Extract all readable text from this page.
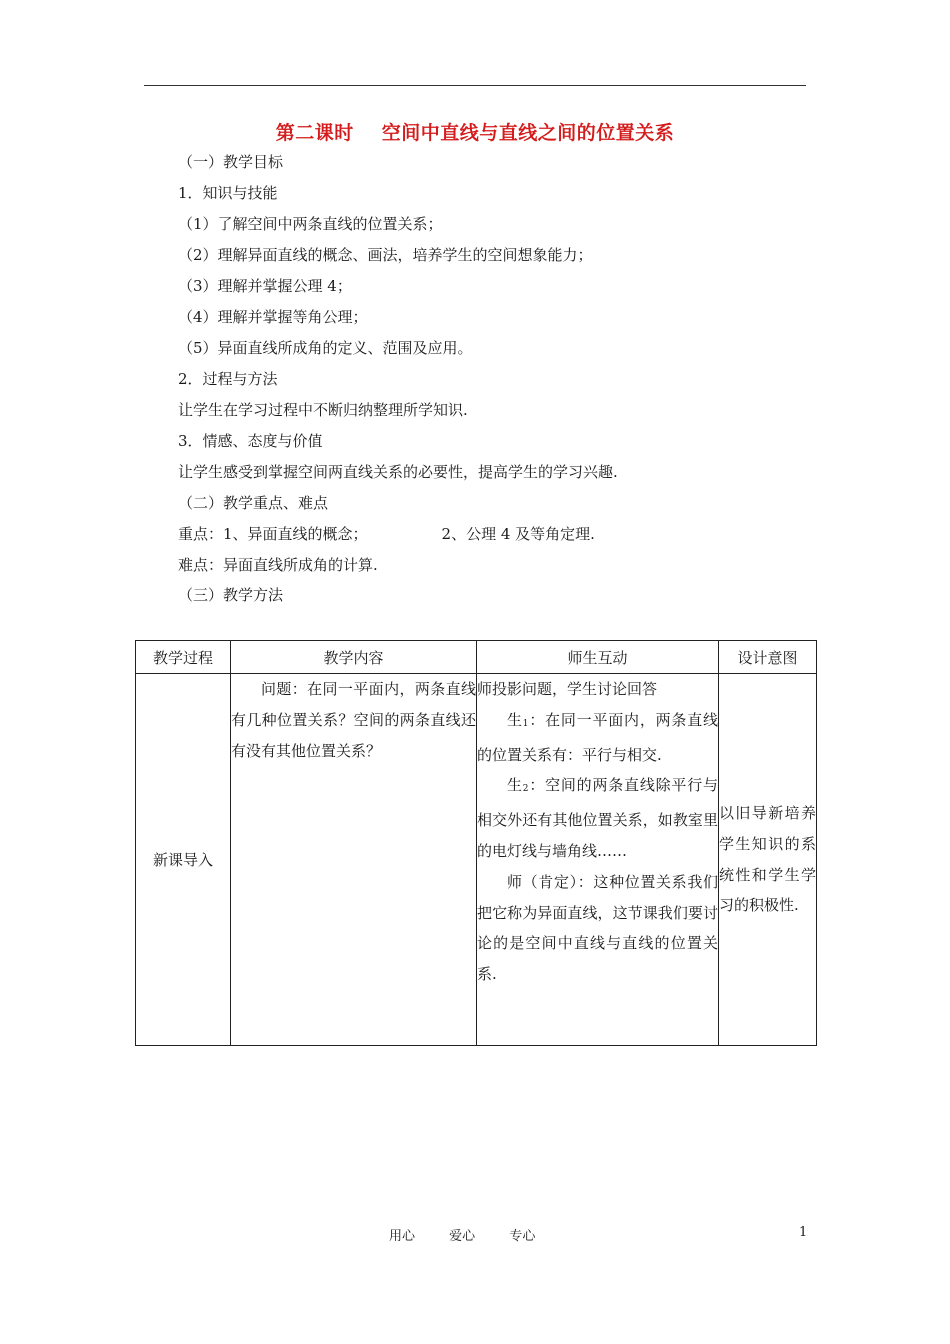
第二课时 空间中直线与直线之间的位置关系
（一）教学目标
1．知识与技能
（1）了解空间中两条直线的位置关系；
（2）理解异面直线的概念、画法，培养学生的空间想象能力；
（3）理解并掌握公理 4；
（4）理解并掌握等角公理；
（5）异面直线所成角的定义、范围及应用。
2．过程与方法
让学生在学习过程中不断归纳整理所学知识.
3．情感、态度与价值
让学生感受到掌握空间两直线关系的必要性，提高学生的学习兴趣.
（二）教学重点、难点
重点：1、异面直线的概念；	2、公理 4 及等角定理.
难点：异面直线所成角的计算.
（三）教学方法
教学过程	教学内容	师生互动	设计意图
新课导入	问题：在同一平面内，两条直线有几种位置关系？空间的两条直线还有没有其他位置关系？	师投影问题，学生讨论回答
生1：在同一平面内，两条直线的位置关系有：平行与相交.
生2：空间的两条直线除平行与相交外还有其他位置关系，如教室里的电灯线与墙角线……
师（肯定）：这种位置关系我们把它称为异面直线，这节课我们要讨论的是空间中直线与直线的位置关系.	以旧导新培养学生知识的系统性和学生学习的积极性.
用心	爱心	专心	1
